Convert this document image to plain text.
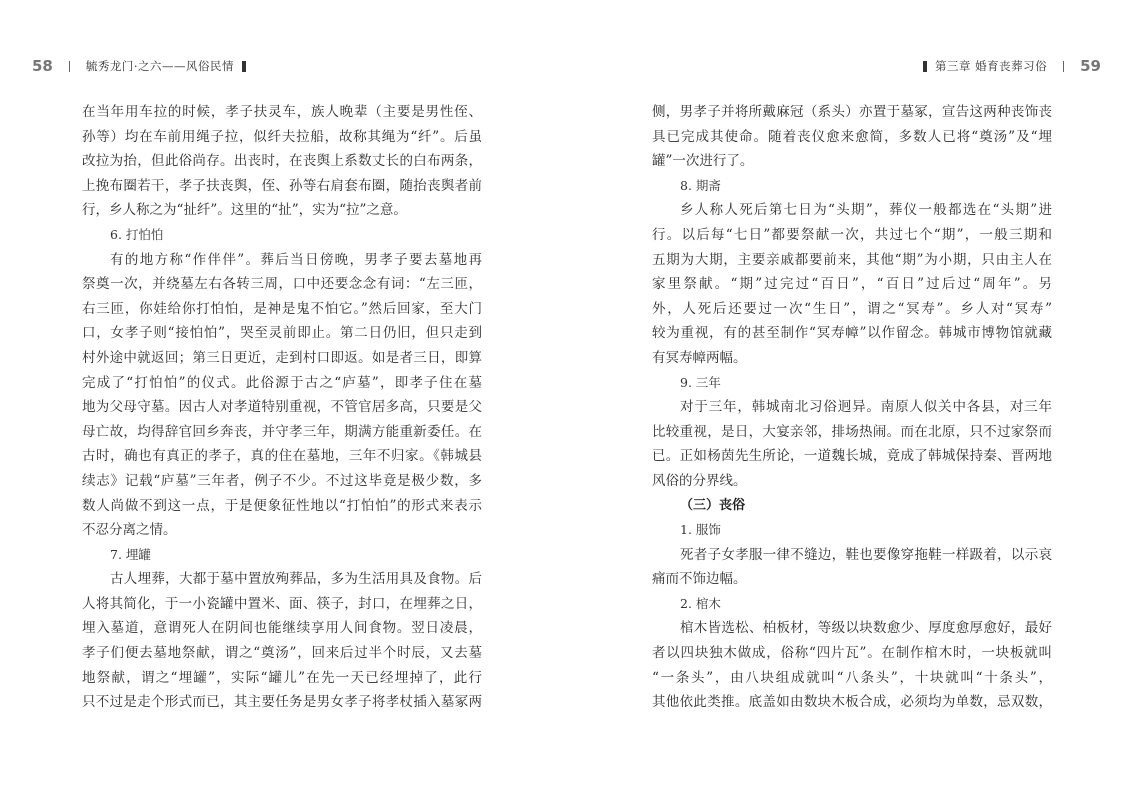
58	毓秀龙门·之六——风俗民情
在当年用车拉的时候，孝子扶灵车，族人晚辈（主要是男性侄、
孙等）均在车前用绳子拉，似纤夫拉船，故称其绳为“纤”。后虽
改拉为抬，但此俗尚存。出丧时，在丧舆上系数丈长的白布两条，
上挽布圈若干，孝子扶丧舆，侄、孙等右肩套布圈，随抬丧舆者前
行，乡人称之为“扯纤”。这里的“扯”，实为“拉”之意。
6. 打怕怕
有的地方称“作伴伴”。葬后当日傍晚，男孝子要去墓地再
祭奠一次，并绕墓左右各转三周，口中还要念念有词：“左三匝，
右三匝，你娃给你打怕怕，是神是鬼不怕它。”然后回家，至大门
口，女孝子则“接怕怕”，哭至灵前即止。第二日仍旧，但只走到
村外途中就返回；第三日更近，走到村口即返。如是者三日，即算
完成了“打怕怕”的仪式。此俗源于古之“庐墓”，即孝子住在墓
地为父母守墓。因古人对孝道特别重视，不管官居多高，只要是父
母亡故，均得辞官回乡奔丧，并守孝三年，期满方能重新委任。在
古时，确也有真正的孝子，真的住在墓地，三年不归家。《韩城县
续志》记载“庐墓”三年者，例子不少。不过这毕竟是极少数，多
数人尚做不到这一点，于是便象征性地以“打怕怕”的形式来表示
不忍分离之情。
7. 埋罐
古人埋葬，大都于墓中置放殉葬品，多为生活用具及食物。后
人将其简化，于一小瓷罐中置米、面、筷子，封口，在埋葬之日，
埋入墓道，意谓死人在阴间也能继续享用人间食物。翌日凌晨，
孝子们便去墓地祭献，谓之“奠汤”，回来后过半个时辰，又去墓
地祭献，谓之“埋罐”，实际“罐儿”在先一天已经埋掉了，此行
只不过是走个形式而已，其主要任务是男女孝子将孝杖插入墓冢两
第三章 婚育丧葬习俗 59
侧，男孝子并将所戴麻冠（系头）亦置于墓冢，宣告这两种丧饰丧
具已完成其使命。随着丧仪愈来愈简，多数人已将“奠汤”及“埋
罐”一次进行了。
8. 期斋
乡人称人死后第七日为“头期”，葬仪一般都选在“头期”进
行。以后每“七日”都要祭献一次，共过七个“期”，一般三期和
五期为大期，主要亲戚都要前来，其他“期”为小期，只由主人在
家里祭献。“期”过完过“百日”，“百日”过后过“周年”。另
外，人死后还要过一次“生日”，谓之“冥寿”。乡人对“冥寿”
较为重视，有的甚至制作“冥寿幛”以作留念。韩城市博物馆就藏
有冥寿幛两幅。
9. 三年
对于三年，韩城南北习俗迥异。南原人似关中各县，对三年
比较重视，是日，大宴亲邻，排场热闹。而在北原，只不过家祭而
已。正如杨茵先生所论，一道魏长城，竟成了韩城保持秦、晋两地
风俗的分界线。
（三）丧俗
1. 服饰
死者子女孝服一律不缝边，鞋也要像穿拖鞋一样趿着，以示哀
痛而不饰边幅。
2. 棺木
棺木皆选松、柏板材，等级以块数愈少、厚度愈厚愈好，最好
者以四块独木做成，俗称“四片瓦”。在制作棺木时，一块板就叫
“一条头”，由八块组成就叫“八条头”，十块就叫“十条头”，
其他依此类推。底盖如由数块木板合成，必须均为单数，忌双数，
